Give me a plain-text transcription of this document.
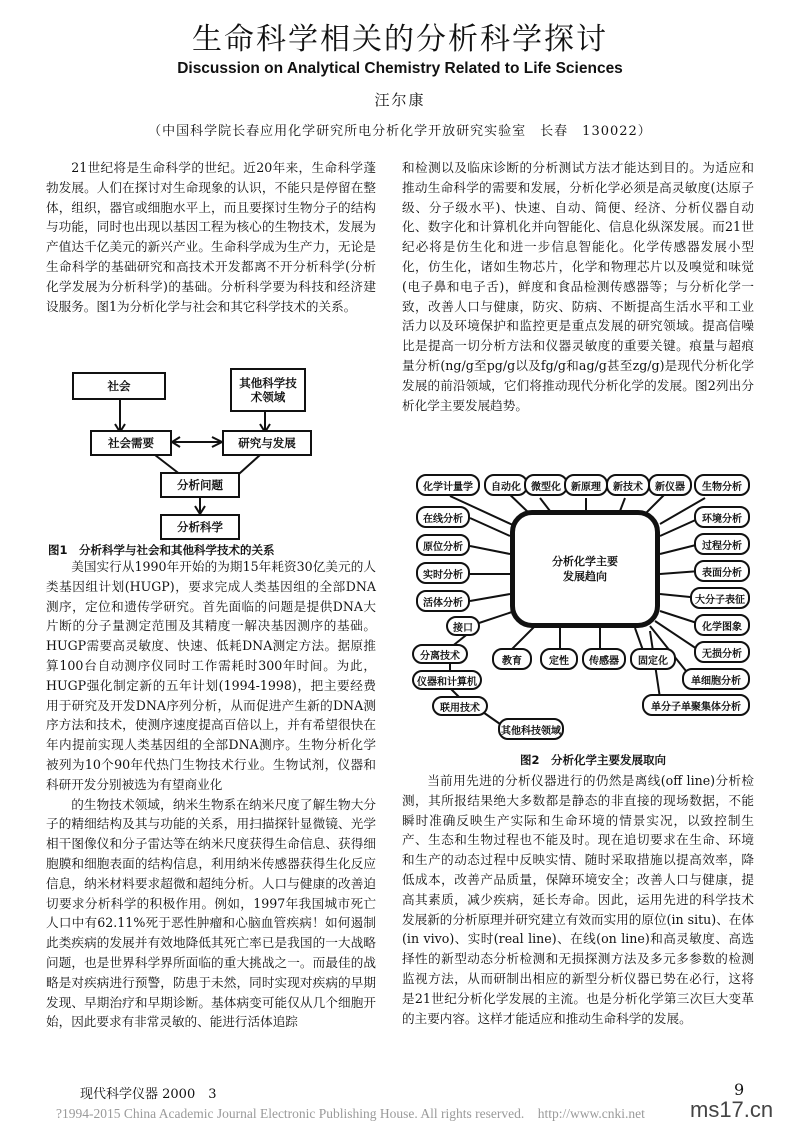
生命科学相关的分析科学探讨
Discussion on Analytical Chemistry Related to Life Sciences
汪尔康
（中国科学院长春应用化学研究所电分析化学开放研究实验室　长春　130022）

21世纪将是生命科学的世纪。近20年来，生命科学蓬勃发展。人们在探讨对生命现象的认识，不能只是停留在整体，组织，器官或细胞水平上，而且要探讨生物分子的结构与功能，同时也出现以基因工程为核心的生物技术，发展为产值达千亿美元的新兴产业。生命科学成为生产力，无论是生命科学的基础研究和高技术开发都离不开分析科学(分析化学发展为分析科学)的基础。分析科学要为科技和经济建设服务。图1为分析化学与社会和其它科学技术的关系。

社会	其他科学技术领域
社会需要	研究与发展
分析问题
分析科学
图1　分析科学与社会和其他科学技术的关系

美国实行从1990年开始的为期15年耗资30亿美元的人类基因组计划(HUGP)，要求完成人类基因组的全部DNA测序，定位和遗传学研究。首先面临的问题是提供DNA大片断的分子量测定范围及其精度一解决基因测序的基础。HUGP需要高灵敏度、快速、低耗DNA测定方法。据原推算100台自动测序仪同时工作需耗时300年时间。为此，HUGP强化制定新的五年计划(1994-1998)，把主要经费用于研究及开发DNA序列分析，从而促进产生新的DNA测序方法和技术，使测序速度提高百倍以上，并有希望很快在年内提前实现人类基因组的全部DNA测序。生物分析化学被列为10个90年代热门生物技术行业。生物试剂，仪器和科研开发分别被选为有望商业化

的生物技术领域，纳米生物系在纳米尺度了解生物大分子的精细结构及其与功能的关系，用扫描探针显微镜、光学相干图像仪和分子雷达等在纳米尺度获得生命信息、获得细胞膜和细胞表面的结构信息，利用纳米传感器获得生化反应信息，纳米材料要求超微和超纯分析。人口与健康的改善迫切要求分析科学的积极作用。例如，1997年我国城市死亡人口中有62.11%死于恶性肿瘤和心脑血管疾病！如何遏制此类疾病的发展并有效地降低其死亡率已是我国的一大战略问题，也是世界科学界所面临的重大挑战之一。而最佳的战略是对疾病进行预警，防患于未然，同时实现对疾病的早期发现、早期治疗和早期诊断。基体病变可能仅从几个细胞开始，因此要求有非常灵敏的、能进行活体追踪

和检测以及临床诊断的分析测试方法才能达到目的。为适应和推动生命科学的需要和发展，分析化学必须是高灵敏度(达原子级、分子级水平)、快速、自动、简便、经济、分析仪器自动化、数字化和计算机化并向智能化、信息化纵深发展。而21世纪必将是仿生化和进一步信息智能化。化学传感器发展小型化，仿生化，诸如生物芯片，化学和物理芯片以及嗅觉和味觉(电子鼻和电子舌)，鲜度和食品检测传感器等；与分析化学一致，改善人口与健康，防灾、防病、不断提高生活水平和工业活力以及环境保护和监控更是重点发展的研究领域。提高信噪比是提高一切分析方法和仪器灵敏度的重要关键。痕量与超痕量分析(ng/g至pg/g以及fg/g和ag/g甚至zg/g)是现代分析化学发展的前沿领域，它们将推动现代分析化学的发展。图2列出分析化学主要发展趋势。

分析化学主要发展趋向
化学计量学	自动化	微型化	新原理	新技术	新仪器	生物分析
在线分析
原位分析
实时分析
活体分析
接口
环境分析
过程分析
表面分析
大分子表征
化学图象
无损分析
单细胞分析
教育	定性	传感器	固定化
分离技术
仪器和计算机
联用技术
其他科技领域
单分子单聚集体分析
图2　分析化学主要发展取向

当前用先进的分析仪器进行的仍然是离线(off line)分析检测，其所报结果绝大多数都是静态的非直接的现场数据，不能瞬时准确反映生产实际和生命环境的情景实况，以致控制生产、生态和生物过程也不能及时。现在追切要求在生命、环境和生产的动态过程中反映实情、随时采取措施以提高效率，降低成本，改善产品质量，保障环境安全；改善人口与健康，提高其素质，减少疾病，延长寿命。因此，运用先进的科学技术发展新的分析原理并研究建立有效而实用的原位(in situ)、在体(in vivo)、实时(real line)、在线(on line)和高灵敏度、高选择性的新型动态分析检测和无损探测方法及多元多参数的检测监视方法，从而研制出相应的新型分析仪器已势在必行，这将是21世纪分析化学发展的主流。也是分析化学第三次巨大变革的主要内容。这样才能适应和推动生命科学的发展。

现代科学仪器 2000　3	9
?1994-2015 China Academic Journal Electronic Publishing House. All rights reserved.　http://www.cnki.net ms17.cn
